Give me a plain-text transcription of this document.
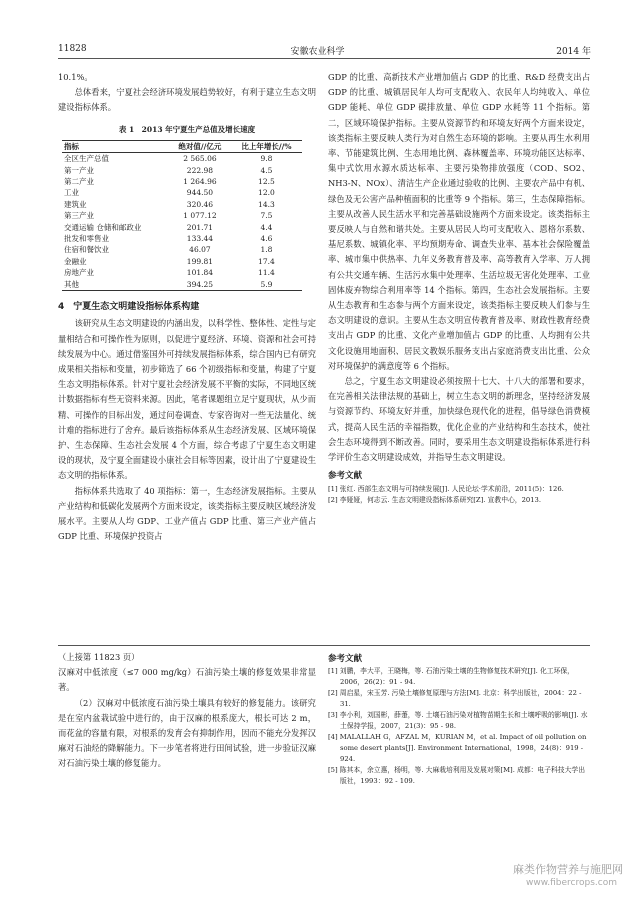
11828	安徽农业科学	2014 年

10.1%。

总体看来，宁夏社会经济环境发展趋势较好，有利于建立生态文明建设指标体系。

表 1　2013 年宁夏生产总值及增长速度
指标	绝对值//亿元	比上年增长//%
全区生产总值	2 565.06	9.8
第一产业	222.98	4.5
第二产业	1 264.96	12.5
工业	944.50	12.0
建筑业	320.46	14.3
第三产业	1 077.12	7.5
交通运输 仓储和邮政业	201.71	4.4
批发和零售业	133.44	4.6
住宿和餐饮业	46.07	1.8
金融业	199.81	17.4
房地产业	101.84	11.4
其他	394.25	5.9
4　宁夏生态文明建设指标体系构建

该研究从生态文明建设的内涵出发，以科学性、整体性、定性与定量相结合和可操作性为原则，以促进宁夏经济、环境、资源和社会可持续发展为中心。通过借鉴国外可持续发展指标体系，综合国内已有研究成果相关指标和变量，初步筛选了 66 个初级指标和变量，构建了宁夏生态文明指标体系。针对宁夏社会经济发展不平衡的实际，不同地区统计数据指标有些无资料来源。因此，笔者课题组立足宁夏现状，从少而精、可操作的目标出发，通过问卷调查、专家咨询对一些无法量化、统计难的指标进行了舍弃。最后该指标体系从生态经济发展、区域环境保护、生态保障、生态社会发展 4 个方面，综合考虑了宁夏生态文明建设的现状，及宁夏全面建设小康社会目标等因素，设计出了宁夏建设生态文明的指标体系。

指标体系共选取了 40 项指标：第一，生态经济发展指标。主要从产业结构和低碳化发展两个方面来设定，该类指标主要反映区域经济发展水平。主要从人均 GDP、工业产值占 GDP 比重、第三产业产值占 GDP 比重、环境保护投资占

GDP 的比重、高新技术产业增加值占 GDP 的比重、R&D 经费支出占 GDP 的比重、城镇居民年人均可支配收入、农民年人均纯收入、单位 GDP 能耗、单位 GDP 碳排放量、单位 GDP 水耗等 11 个指标。第二，区域环境保护指标。主要从资源节约和环境友好两个方面来设定，该类指标主要反映人类行为对自然生态环境的影响。主要从再生水利用率、节能建筑比例、生态用地比例、森林覆盖率、环境功能区达标率、集中式饮用水源水质达标率、主要污染物排放强度（COD、SO2、NH3-N、NOx）、清洁生产企业通过验收的比例、主要农产品中有机、绿色及无公害产品种植面积的比重等 9 个指标。第三，生态保障指标。主要从改善人民生活水平和完善基础设施两个方面来设定。该类指标主要反映人与自然和谐共处。主要从居民人均可支配收入、恩格尔系数、基尼系数、城镇化率、平均预期寿命、调查失业率、基本社会保险覆盖率、城市集中供热率、九年义务教育普及率、高等教育入学率、万人拥有公共交通车辆、生活污水集中处理率、生活垃圾无害化处理率、工业固体废弃物综合利用率等 14 个指标。第四，生态社会发展指标。主要从生态教育和生态参与两个方面来设定，该类指标主要反映人们参与生态文明建设的意识。主要从生态文明宣传教育普及率、财政性教育经费支出占 GDP 的比重、文化产业增加值占 GDP 的比重、人均拥有公共文化设施用地面积、居民文教娱乐服务支出占家庭消费支出比重、公众对环境保护的满意度等 6 个指标。

总之，宁夏生态文明建设必须按照十七大、十八大的部署和要求，在完善相关法律法规的基础上，树立生态文明的新理念，坚持经济发展与资源节约、环境友好并重，加快绿色现代化的进程，倡导绿色消费模式，提高人民生活的幸福指数，优化企业的产业结构和生态技术，使社会生态环境得到不断改善。同时，要采用生态文明建设指标体系进行科学评价生态文明建设成效，并指导生态文明建设。

参考文献
[1] 张红. 西部生态文明与可持续发展[J]. 人民论坛·学术前沿，2011(5)：126.
[2] 李娅娅，何志云. 生态文明建设指标体系研究[Z]. 宣教中心，2013.

（上接第 11823 页）

汉麻对中低浓度（≤7 000 mg/kg）石油污染土壤的修复效果非常显著。

（2）汉麻对中低浓度石油污染土壤具有较好的修复能力。该研究是在室内盆栽试验中进行的，由于汉麻的根系庞大，根长可达 2 m，而花盆的容量有限，对根系的发育会有抑制作用，因而不能充分发挥汉麻对石油烃的降解能力。下一步笔者将进行田间试验，进一步验证汉麻对石油污染土壤的修复能力。

参考文献
[1] 刘鹏，李大平，王晓梅，等. 石油污染土壤的生物修复技术研究[J]. 化工环保，2006，26(2)：91 - 94.
[2] 周启星，宋玉芳. 污染土壤修复原理与方法[M]. 北京：科学出版社，2004：22 - 31.
[3] 李小利，刘国彬，薛萐，等. 土壤石油污染对植物苗期生长和土壤呼吸的影响[J]. 水土保持学报，2007，21(3)：95 - 98.
[4] MALALLAH G，AFZAL M，KURIAN M，et al. Impact of oil pollution on some desert plants[J]. Environment International，1998，24(8)：919 - 924.
[5] 陈其本，余立惠，杨明，等. 大麻栽培利用及发展对策[M]. 成都：电子科技大学出版社，1993：92 - 109.
麻类作物营养与施肥网
www.fibercrops.com
